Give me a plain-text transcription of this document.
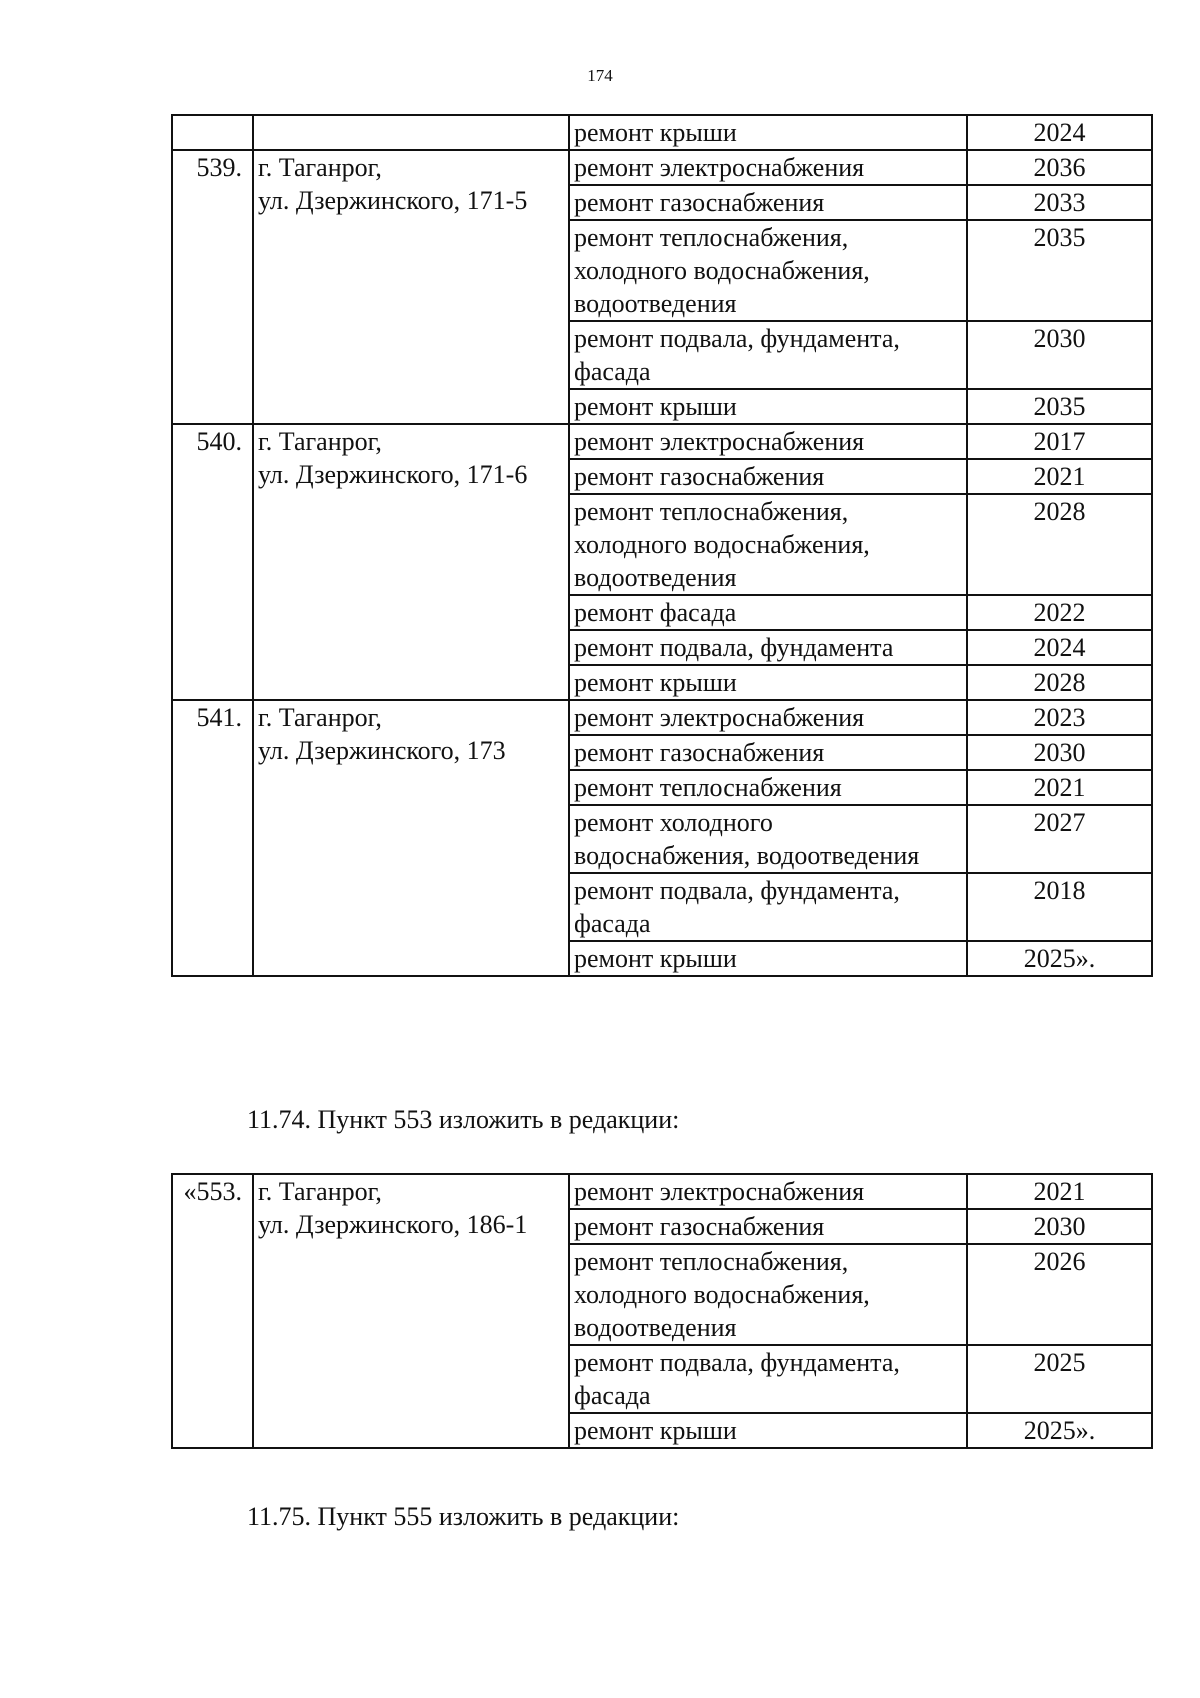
174

	ремонт крыши	2024
539.	г. Таганрог,
ул. Дзержинского, 171-5	ремонт электроснабжения	2036
		ремонт газоснабжения	2033
		ремонт теплоснабжения,
холодного водоснабжения,
водоотведения	2035
		ремонт подвала, фундамента,
фасада	2030
		ремонт крыши	2035
540.	г. Таганрог,
ул. Дзержинского, 171-6	ремонт электроснабжения	2017
		ремонт газоснабжения	2021
		ремонт теплоснабжения,
холодного водоснабжения,
водоотведения	2028
		ремонт фасада	2022
		ремонт подвала, фундамента	2024
		ремонт крыши	2028
541.	г. Таганрог,
ул. Дзержинского, 173	ремонт электроснабжения	2023
		ремонт газоснабжения	2030
		ремонт теплоснабжения	2021
		ремонт холодного
водоснабжения, водоотведения	2027
		ремонт подвала, фундамента,
фасада	2018
		ремонт крыши	2025».
11.74. Пункт 553 изложить в редакции:
«553.	г. Таганрог,
ул. Дзержинского, 186-1	ремонт электроснабжения	2021
		ремонт газоснабжения	2030
		ремонт теплоснабжения,
холодного водоснабжения,
водоотведения	2026
		ремонт подвала, фундамента,
фасада	2025
		ремонт крыши	2025».
11.75. Пункт 555 изложить в редакции:
